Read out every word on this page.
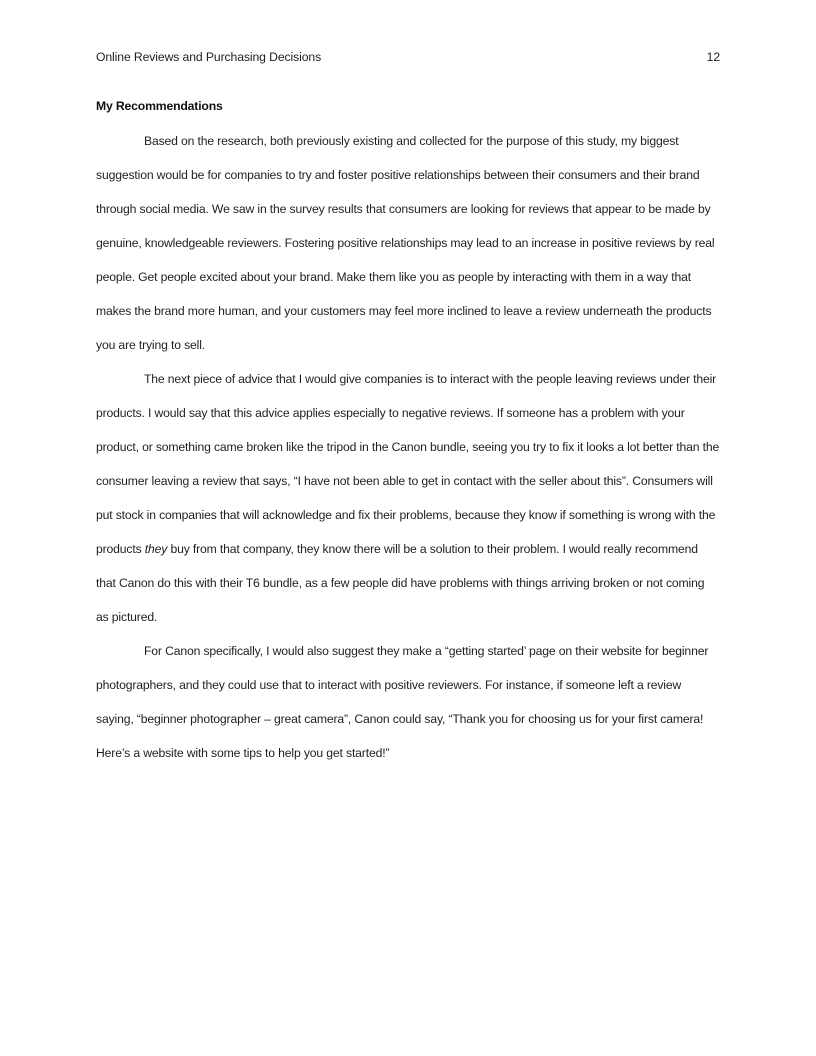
Online Reviews and Purchasing Decisions	12
My Recommendations

Based on the research, both previously existing and collected for the purpose of this study, my biggest suggestion would be for companies to try and foster positive relationships between their consumers and their brand through social media. We saw in the survey results that consumers are looking for reviews that appear to be made by genuine, knowledgeable reviewers. Fostering positive relationships may lead to an increase in positive reviews by real people. Get people excited about your brand. Make them like you as people by interacting with them in a way that makes the brand more human, and your customers may feel more inclined to leave a review underneath the products you are trying to sell.

The next piece of advice that I would give companies is to interact with the people leaving reviews under their products. I would say that this advice applies especially to negative reviews. If someone has a problem with your product, or something came broken like the tripod in the Canon bundle, seeing you try to fix it looks a lot better than the consumer leaving a review that says, “I have not been able to get in contact with the seller about this”. Consumers will put stock in companies that will acknowledge and fix their problems, because they know if something is wrong with the products they buy from that company, they know there will be a solution to their problem. I would really recommend that Canon do this with their T6 bundle, as a few people did have problems with things arriving broken or not coming as pictured.

For Canon specifically, I would also suggest they make a “getting started’ page on their website for beginner photographers, and they could use that to interact with positive reviewers. For instance, if someone left a review saying, “beginner photographer – great camera”, Canon could say, “Thank you for choosing us for your first camera! Here’s a website with some tips to help you get started!”
